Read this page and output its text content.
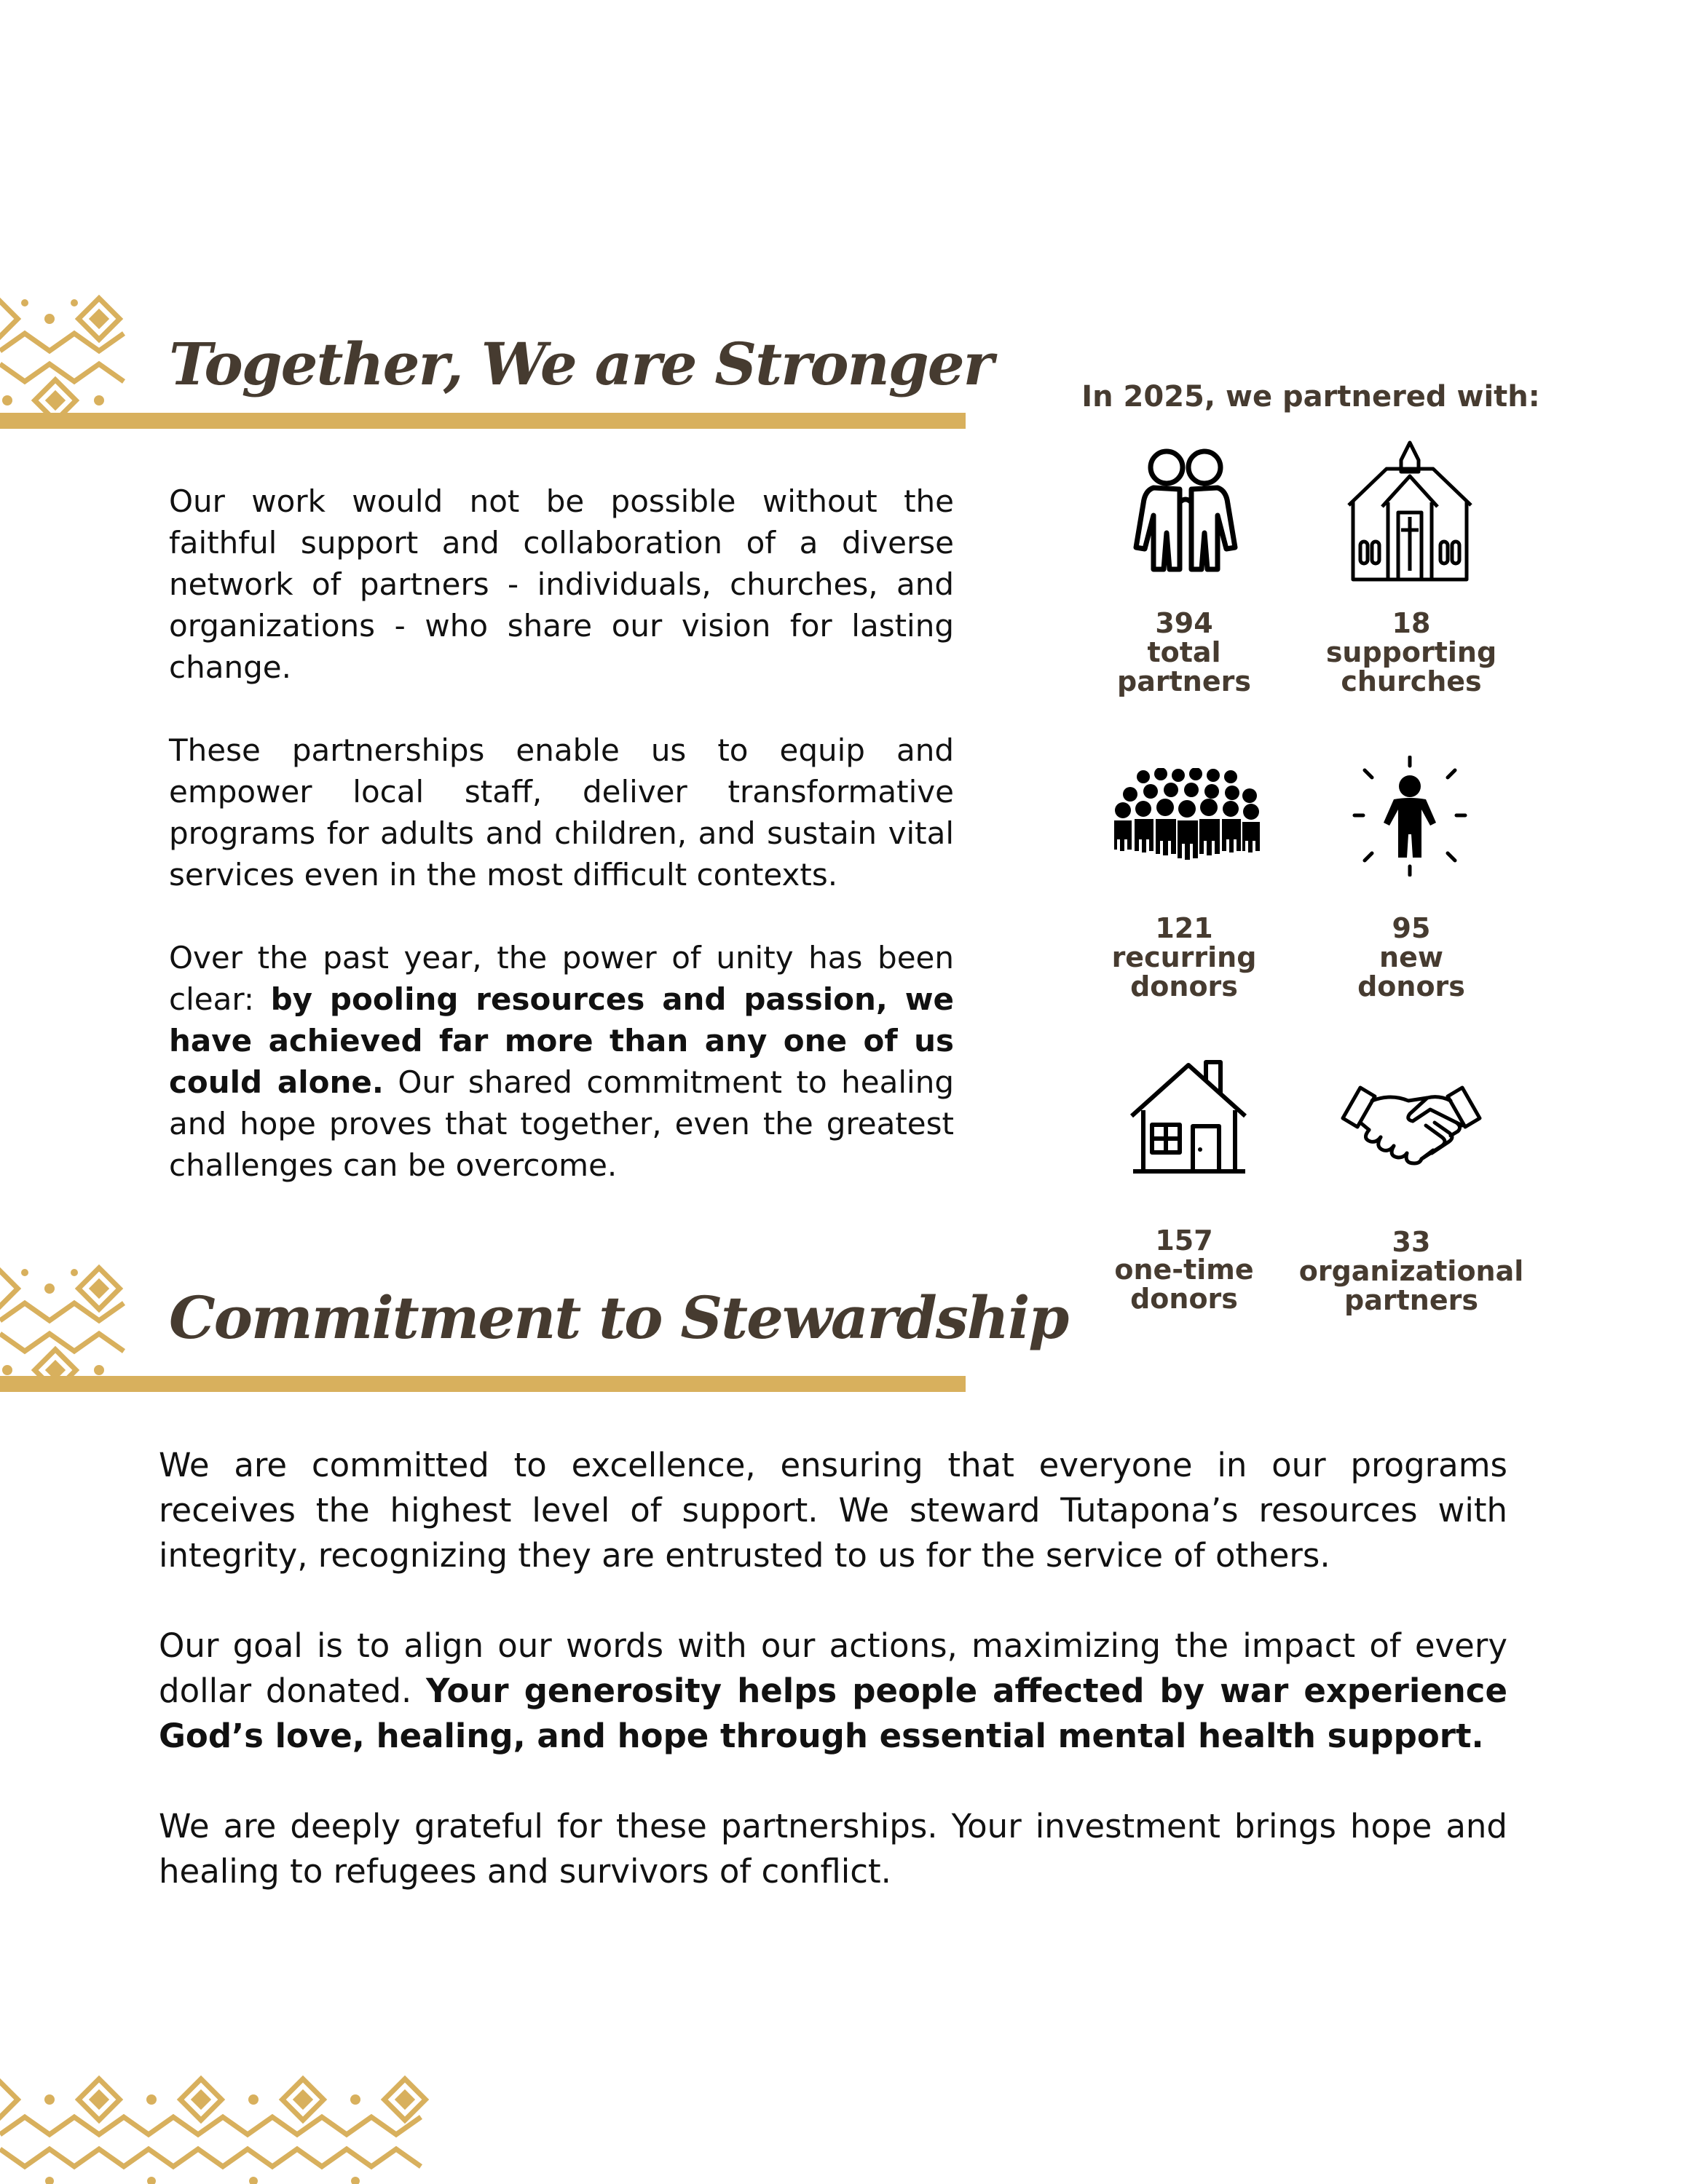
Together, We are Stronger

Our work would not be possible without the faithful support and collaboration of a diverse network of partners - individuals, churches, and organizations - who share our vision for lasting change.

These partnerships enable us to equip and empower local staff, deliver transformative programs for adults and children, and sustain vital services even in the most difficult contexts.

Over the past year, the power of unity has been clear: by pooling resources and passion, we have achieved far more than any one of us could alone. Our shared commitment to healing and hope proves that together, even the greatest challenges can be overcome.

In 2025, we partnered with:
394
total
partners
18
supporting
churches
121
recurring
donors
95
new
donors
157
one-time
donors
33
organizational
partners
Commitment to Stewardship

We are committed to excellence, ensuring that everyone in our programs receives the highest level of support. We steward Tutapona’s resources with integrity, recognizing they are entrusted to us for the service of others.

Our goal is to align our words with our actions, maximizing the impact of every dollar donated. Your generosity helps people affected by war experience God’s love, healing, and hope through essential mental health support.

We are deeply grateful for these partnerships. Your investment brings hope and healing to refugees and survivors of conflict.
